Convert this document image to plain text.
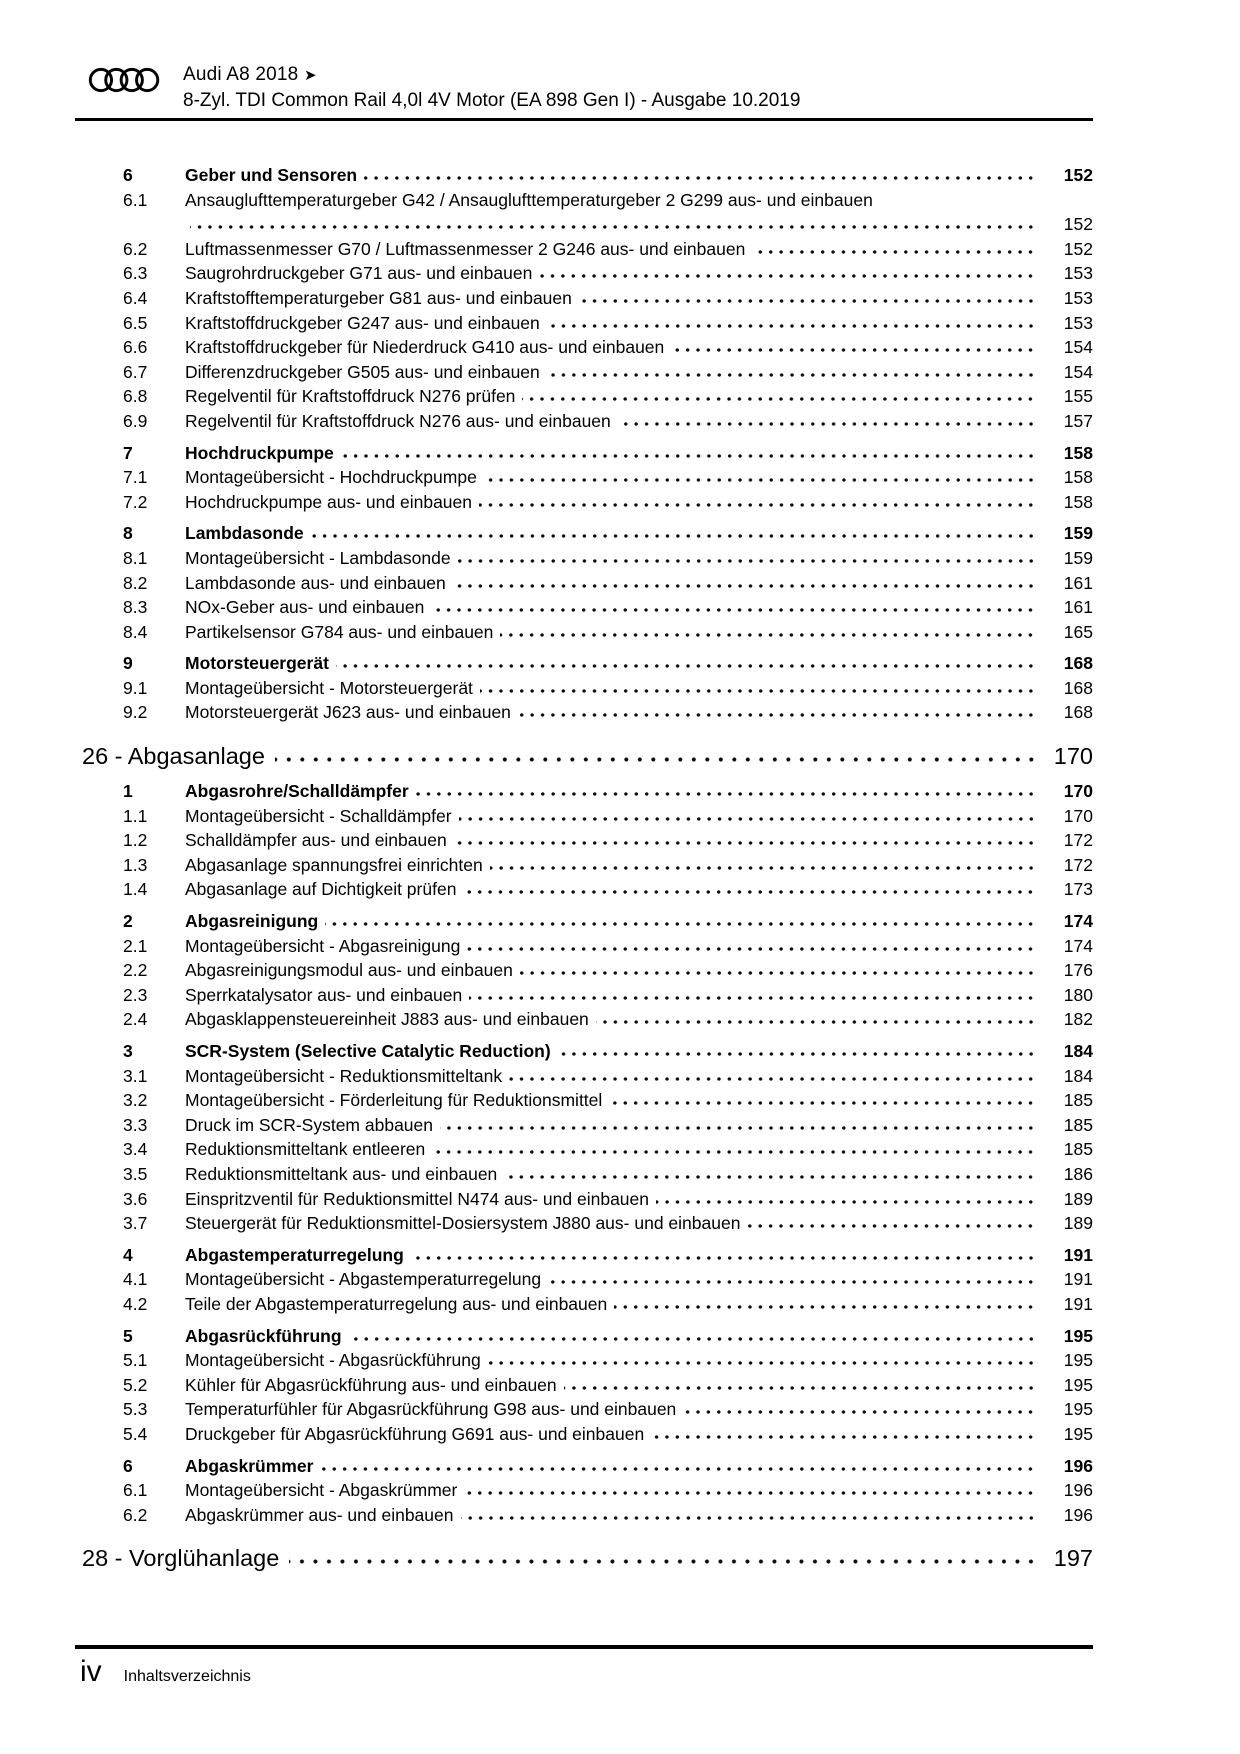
Audi A8 2018 ➤
8-Zyl. TDI Common Rail 4,0l 4V Motor (EA 898 Gen I) - Ausgabe 10.2019
6	Geber und Sensoren	152
6.1	Ansauglufttemperaturgeber G42 / Ansauglufttemperaturgeber 2 G299 aus- und einbauen
152
6.2	Luftmassenmesser G70 / Luftmassenmesser 2 G246 aus- und einbauen	152
6.3	Saugrohrdruckgeber G71 aus- und einbauen	153
6.4	Kraftstofftemperaturgeber G81 aus- und einbauen	153
6.5	Kraftstoffdruckgeber G247 aus- und einbauen	153
6.6	Kraftstoffdruckgeber für Niederdruck G410 aus- und einbauen	154
6.7	Differenzdruckgeber G505 aus- und einbauen	154
6.8	Regelventil für Kraftstoffdruck N276 prüfen	155
6.9	Regelventil für Kraftstoffdruck N276 aus- und einbauen	157
7	Hochdruckpumpe	158
7.1	Montageübersicht - Hochdruckpumpe	158
7.2	Hochdruckpumpe aus- und einbauen	158
8	Lambdasonde	159
8.1	Montageübersicht - Lambdasonde	159
8.2	Lambdasonde aus- und einbauen	161
8.3	NOx-Geber aus- und einbauen	161
8.4	Partikelsensor G784 aus- und einbauen	165
9	Motorsteuergerät	168
9.1	Montageübersicht - Motorsteuergerät	168
9.2	Motorsteuergerät J623 aus- und einbauen	168
26 - Abgasanlage	170
1	Abgasrohre/Schalldämpfer	170
1.1	Montageübersicht - Schalldämpfer	170
1.2	Schalldämpfer aus- und einbauen	172
1.3	Abgasanlage spannungsfrei einrichten	172
1.4	Abgasanlage auf Dichtigkeit prüfen	173
2	Abgasreinigung	174
2.1	Montageübersicht - Abgasreinigung	174
2.2	Abgasreinigungsmodul aus- und einbauen	176
2.3	Sperrkatalysator aus- und einbauen	180
2.4	Abgasklappensteuereinheit J883 aus- und einbauen	182
3	SCR-System (Selective Catalytic Reduction)	184
3.1	Montageübersicht - Reduktionsmitteltank	184
3.2	Montageübersicht - Förderleitung für Reduktionsmittel	185
3.3	Druck im SCR-System abbauen	185
3.4	Reduktionsmitteltank entleeren	185
3.5	Reduktionsmitteltank aus- und einbauen	186
3.6	Einspritzventil für Reduktionsmittel N474 aus- und einbauen	189
3.7	Steuergerät für Reduktionsmittel-Dosiersystem J880 aus- und einbauen	189
4	Abgastemperaturregelung	191
4.1	Montageübersicht - Abgastemperaturregelung	191
4.2	Teile der Abgastemperaturregelung aus- und einbauen	191
5	Abgasrückführung	195
5.1	Montageübersicht - Abgasrückführung	195
5.2	Kühler für Abgasrückführung aus- und einbauen	195
5.3	Temperaturfühler für Abgasrückführung G98 aus- und einbauen	195
5.4	Druckgeber für Abgasrückführung G691 aus- und einbauen	195
6	Abgaskrümmer	196
6.1	Montageübersicht - Abgaskrümmer	196
6.2	Abgaskrümmer aus- und einbauen	196
28 - Vorglühanlage	197
iv Inhaltsverzeichnis
